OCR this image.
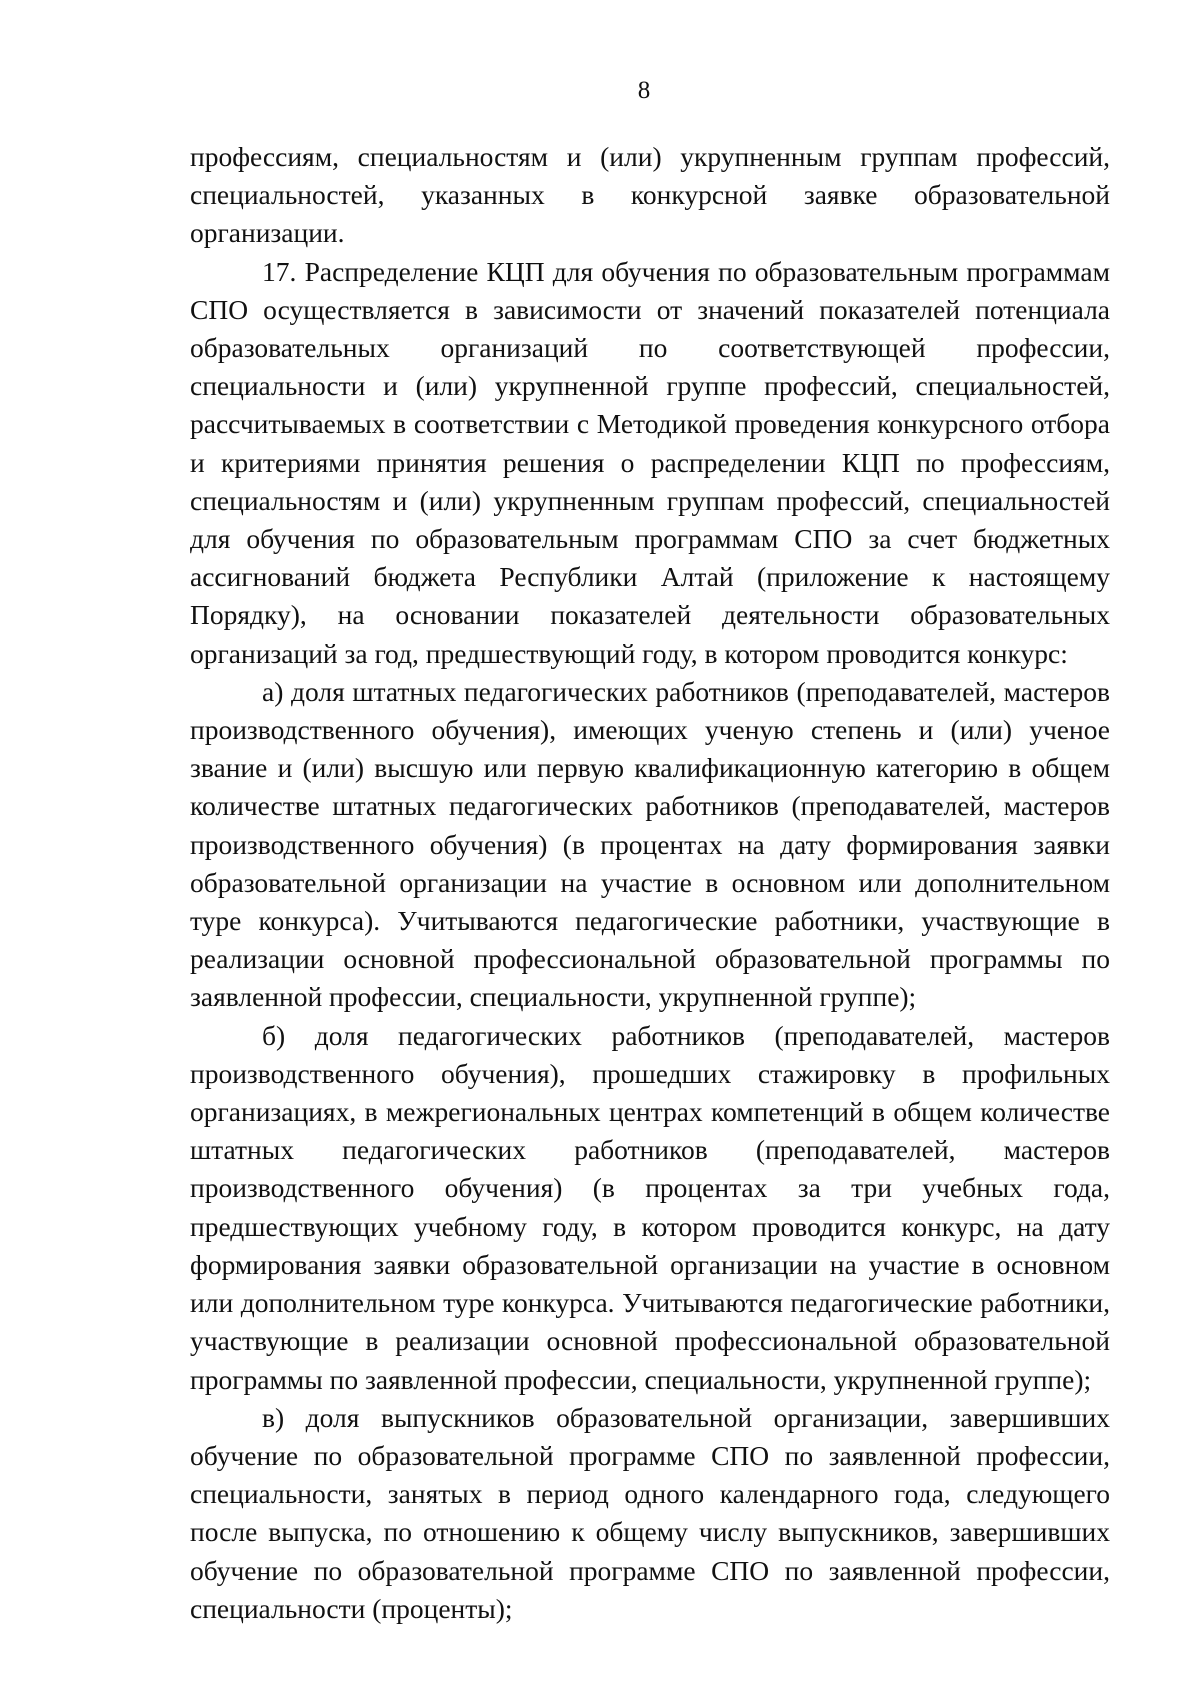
8

профессиям, специальностям и (или) укрупненным группам профессий, специальностей, указанных в конкурсной заявке образовательной организации.

17. Распределение КЦП для обучения по образовательным программам СПО осуществляется в зависимости от значений показателей потенциала образовательных организаций по соответствующей профессии, специальности и (или) укрупненной группе профессий, специальностей, рассчитываемых в соответствии с Методикой проведения конкурсного отбора и критериями принятия решения о распределении КЦП по профессиям, специальностям и (или) укрупненным группам профессий, специальностей для обучения по образовательным программам СПО за счет бюджетных ассигнований бюджета Республики Алтай (приложение к настоящему Порядку), на основании показателей деятельности образовательных организаций за год, предшествующий году, в котором проводится конкурс:

а) доля штатных педагогических работников (преподавателей, мастеров производственного обучения), имеющих ученую степень и (или) ученое звание и (или) высшую или первую квалификационную категорию в общем количестве штатных педагогических работников (преподавателей, мастеров производственного обучения) (в процентах на дату формирования заявки образовательной организации на участие в основном или дополнительном туре конкурса). Учитываются педагогические работники, участвующие в реализации основной профессиональной образовательной программы по заявленной профессии, специальности, укрупненной группе);

б) доля педагогических работников (преподавателей, мастеров производственного обучения), прошедших стажировку в профильных организациях, в межрегиональных центрах компетенций в общем количестве штатных педагогических работников (преподавателей, мастеров производственного обучения) (в процентах за три учебных года, предшествующих учебному году, в котором проводится конкурс, на дату формирования заявки образовательной организации на участие в основном или дополнительном туре конкурса. Учитываются педагогические работники, участвующие в реализации основной профессиональной образовательной программы по заявленной профессии, специальности, укрупненной группе);

в) доля выпускников образовательной организации, завершивших обучение по образовательной программе СПО по заявленной профессии, специальности, занятых в период одного календарного года, следующего после выпуска, по отношению к общему числу выпускников, завершивших обучение по образовательной программе СПО по заявленной профессии, специальности (проценты);
